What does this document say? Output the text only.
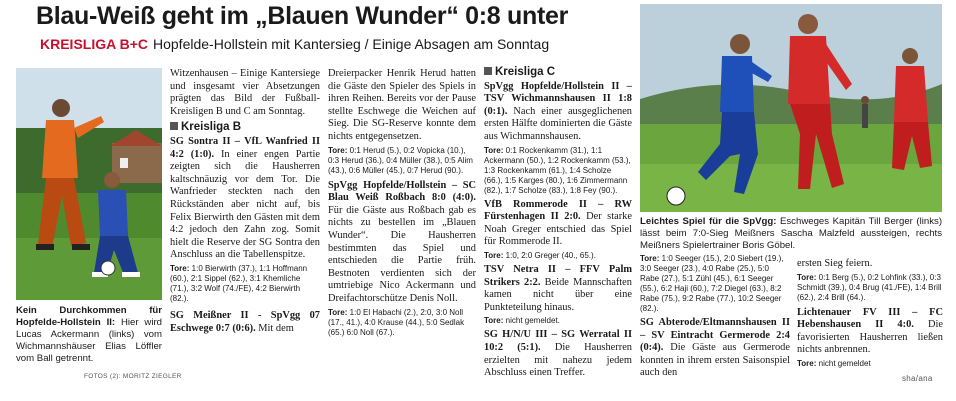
Blau-Weiß geht im „Blauen Wunder“ 0:8 unter
KREISLIGA B+C Hopfelde-Hollstein mit Kantersieg / Einige Absagen am Sonntag
Kein Durchkommen für Hopfelde-Hollstein II: Hier wird Lucas Ackermann (links) vom Wichmannshäuser Elias Löffler vom Ball getrennt.
FOTOS (2): MORITZ ZIEGLER

Witzenhausen – Einige Kantersiege und insgesamt vier Absetzungen prägten das Bild der Fußball-Kreisligen B und C am Sonntag.

Kreisliga B

SG Sontra II – VfL Wanfried II 4:2 (1:0). In einer engen Partie zeigten sich die Hausherren kaltschnäuzig vor dem Tor. Die Wanfrieder steckten nach den Rückständen aber nicht auf, bis Felix Bierwirth den Gästen mit dem 4:2 jedoch den Zahn zog. Somit hielt die Reserve der SG Sontra den Anschluss an die Tabellenspitze.

Tore: 1:0 Bierwirth (37.), 1:1 Hoffmann (60.), 2:1 Sippel (62.), 3:1 Khemliche (71.), 3:2 Wolf (74./FE), 4:2 Bierwirth (82.).

SG Meißner II - SpVgg 07 Eschwege 0:7 (0:6). Mit dem

Dreierpacker Henrik Herud hatten die Gäste den Spieler des Spiels in ihren Reihen. Bereits vor der Pause stellte Eschwege die Weichen auf Sieg. Die SG-Reserve konnte dem nichts entgegensetzen.

Tore: 0:1 Herud (5.), 0:2 Vopicka (10.), 0:3 Herud (36.), 0:4 Müller (38.), 0:5 Alim (43.), 0:6 Müller (45.), 0:7 Herud (90.).

SpVgg Hopfelde/Hollstein – SC Blau Weiß Roßbach 8:0 (4:0). Für die Gäste aus Roßbach gab es nichts zu bestellen im „Blauen Wunder“. Die Hausherren bestimmten das Spiel und entschieden die Partie früh. Bestnoten verdienten sich der umtriebige Nico Ackermann und Dreifachtorschütze Denis Noll.

Tore: 1:0 El Habachi (2.), 2:0, 3:0 Noll (17., 41.), 4:0 Krause (44.), 5:0 Sedlak (65.) 6:0 Noll (67.).
Kreisliga C

SpVgg Hopfelde/Hollstein II – TSV Wichmannshausen II 1:8 (0:1). Nach einer ausgeglichenen ersten Hälfte dominierten die Gäste aus Wichmannshausen.

Tore: 0:1 Rockenkamm (31.), 1:1 Ackermann (50.), 1:2 Rockenkamm (53.), 1:3 Rockenkamm (61.), 1:4 Scholze (66.), 1:5 Karges (80.), 1:6 Zimmermann (82.), 1:7 Scholze (83.), 1:8 Fey (90.).

VfB Rommerode II – RW Fürstenhagen II 2:0. Der starke Noah Greger entschied das Spiel für Rommerode II.

Tore: 1:0, 2:0 Greger (40., 65.).

TSV Netra II – FFV Palm Strikers 2:2. Beide Mannschaften kamen nicht über eine Punkteteilung hinaus.

Tore: nicht gemeldet.

SG H/N/U III – SG Werratal II 10:2 (5:1). Die Hausherren erzielten mit nahezu jedem Abschluss einen Treffer.

Leichtes Spiel für die SpVgg: Eschweges Kapitän Till Berger (links) lässt beim 7:0-Sieg Meißners Sascha Malzfeld aussteigen, rechts Meißners Spielertrainer Boris Göbel.
Tore: 1:0 Seeger (15.), 2:0 Siebert (19.), 3:0 Seeger (23.), 4:0 Rabe (25.), 5:0 Rabe (27.), 5:1 Zühl (45.), 6:1 Seeger (55.), 6:2 Haji (60.), 7:2 Diegel (63.), 8:2 Rabe (75.), 9:2 Rabe (77.), 10:2 Seeger (82.).

SG Abterode/Eltmannshausen II – SV Eintracht Germerode 2:4 (0:4). Die Gäste aus Germerode konnten in ihrem ersten Saisonspiel auch den

ersten Sieg feiern.

Tore: 0:1 Berg (5.), 0:2 Lohfink (33.), 0:3 Schmidt (39.), 0:4 Brug (41./FE), 1:4 Brill (62.), 2:4 Brill (64.).

Lichtenauer FV III – FC Hebenshausen II 4:0. Die favorisierten Hausherren ließen nichts anbrennen.

Tore: nicht gemeldet
sha/ana
